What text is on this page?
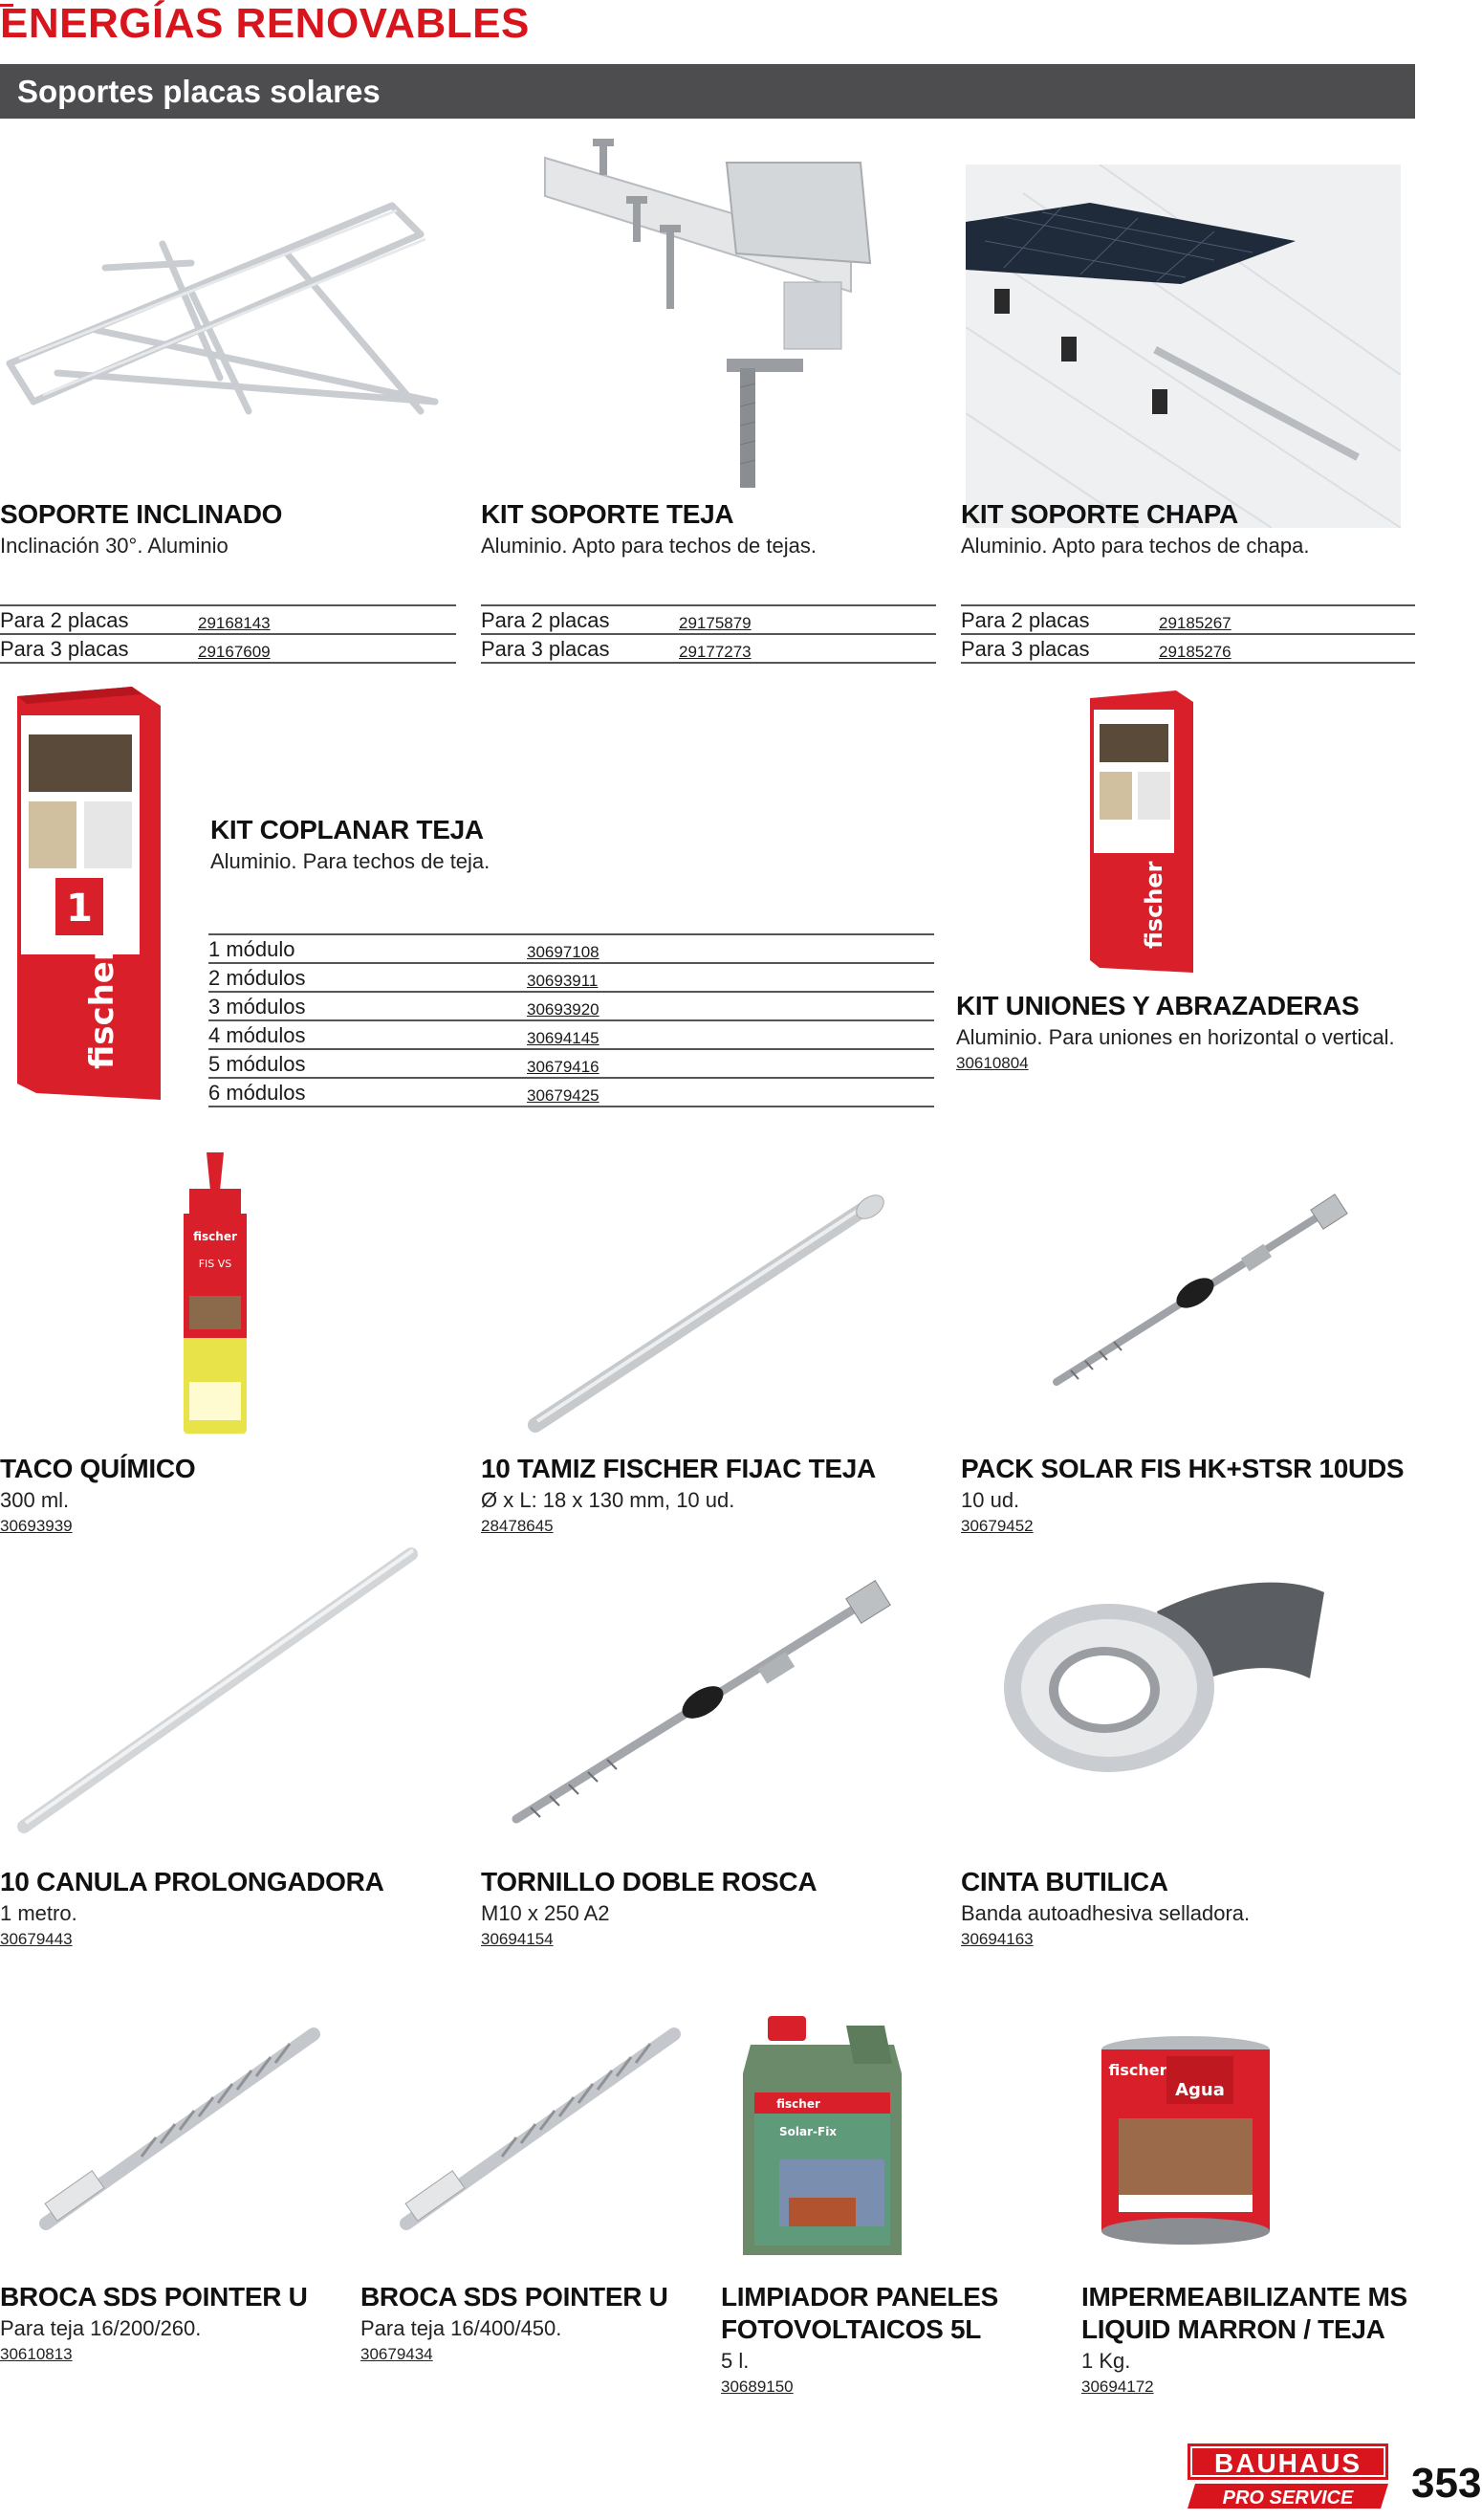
ENERGÍAS RENOVABLES
Soportes placas solares
SOPORTE INCLINADO
Inclinación 30°. Aluminio
Para 2 placas	29168143
Para 3 placas	29167609
KIT SOPORTE TEJA
Aluminio. Apto para techos de tejas.
Para 2 placas	29175879
Para 3 placas	29177273
KIT SOPORTE CHAPA
Aluminio. Apto para techos de chapa.
Para 2 placas	29185267
Para 3 placas	29185276
1
fischer
KIT COPLANAR TEJA
Aluminio. Para techos de teja.
1 módulo	30697108
2 módulos	30693911
3 módulos	30693920
4 módulos	30694145
5 módulos	30679416
6 módulos	30679425
fischer
KIT UNIONES Y ABRAZADERAS
Aluminio. Para uniones en horizontal o vertical.
30610804
fischer
FIS VS
TACO QUÍMICO
300 ml.
30693939
10 TAMIZ FISCHER FIJAC TEJA
Ø x L: 18 x 130 mm, 10 ud.
28478645
PACK SOLAR FIS HK+STSR 10UDS
10 ud.
30679452
10 CANULA PROLONGADORA
1 metro.
30679443
TORNILLO DOBLE ROSCA
M10 x 250 A2
30694154
CINTA BUTILICA
Banda autoadhesiva selladora.
30694163
fischer
Solar-Fix
fischer
Agua
BROCA SDS POINTER U
Para teja 16/200/260.
30610813
BROCA SDS POINTER U
Para teja 16/400/450.
30679434
LIMPIADOR PANELES
FOTOVOLTAICOS 5L
5 l.
30689150
IMPERMEABILIZANTE MS
LIQUID MARRON / TEJA
1 Kg.
30694172
BAUHAUS
PRO SERVICE 353
